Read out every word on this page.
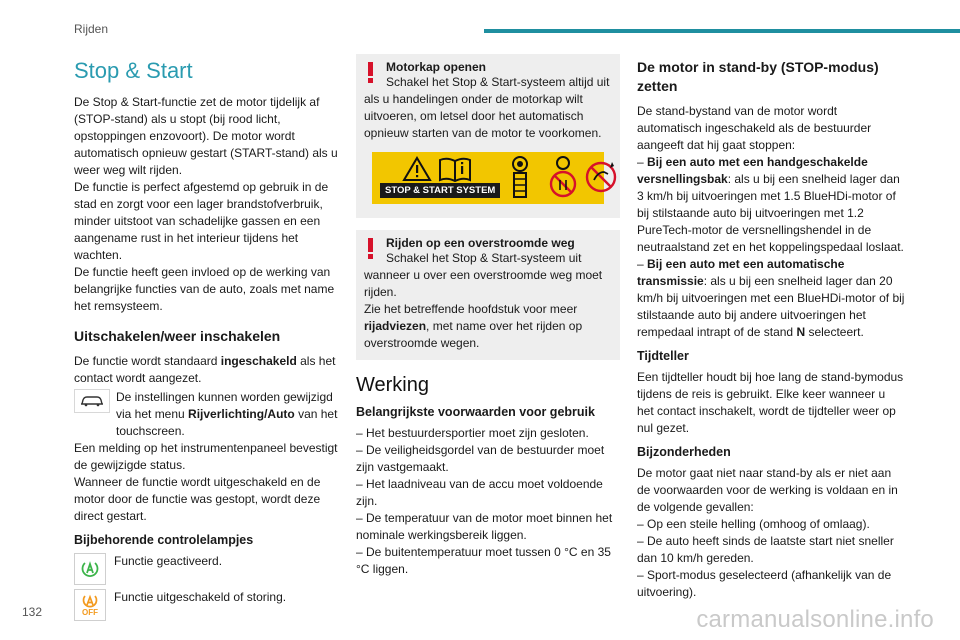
Rijden
Stop & Start

De Stop & Start-functie zet de motor tijdelijk af (STOP-stand) als u stopt (bij rood licht, opstoppingen enzovoort). De motor wordt automatisch opnieuw gestart (START-stand) als u weer weg wilt rijden.

De functie is perfect afgestemd op gebruik in de stad en zorgt voor een lager brandstofverbruik, minder uitstoot van schadelijke gassen en een aangename rust in het interieur tijdens het wachten.

De functie heeft geen invloed op de werking van belangrijke functies van de auto, zoals met name het remsysteem.

Uitschakelen/weer inschakelen

De functie wordt standaard ingeschakeld als het contact wordt aangezet.

De instellingen kunnen worden gewijzigd via het menu Rijverlichting/Auto van het touchscreen.

Een melding op het instrumentenpaneel bevestigt de gewijzigde status.

Wanneer de functie wordt uitgeschakeld en de motor door de functie was gestopt, wordt deze direct gestart.

Bijbehorende controlelampjes

Functie geactiveerd.

OFF

Functie uitgeschakeld of storing.

Motorkap openen

Schakel het Stop & Start-systeem altijd uit als u handelingen onder de motorkap wilt uitvoeren, om letsel door het automatisch opnieuw starten van de motor te voorkomen.

STOP & START SYSTEM
Rijden op een overstroomde weg

Schakel het Stop & Start-systeem uit wanneer u over een overstroomde weg moet rijden.

Zie het betreffende hoofdstuk voor meer rijadviezen, met name over het rijden op overstroomde wegen.

Werking
Belangrijkste voorwaarden voor gebruik

– Het bestuurdersportier moet zijn gesloten.

– De veiligheidsgordel van de bestuurder moet zijn vastgemaakt.

– Het laadniveau van de accu moet voldoende zijn.

– De temperatuur van de motor moet binnen het nominale werkingsbereik liggen.

– De buitentemperatuur moet tussen 0 °C en 35 °C liggen.

De motor in stand-by (STOP-modus) zetten

De stand-bystand van de motor wordt automatisch ingeschakeld als de bestuurder aangeeft dat hij gaat stoppen:

– Bij een auto met een handgeschakelde versnellingsbak: als u bij een snelheid lager dan 3 km/h bij uitvoeringen met 1.5 BlueHDi-motor of bij stilstaande auto bij uitvoeringen met 1.2 PureTech-motor de versnellingshendel in de neutraalstand zet en het koppelingspedaal loslaat.

– Bij een auto met een automatische transmissie: als u bij een snelheid lager dan 20 km/h bij uitvoeringen met een BlueHDi-motor of bij stilstaande auto bij andere uitvoeringen het rempedaal intrapt of de stand N selecteert.

Tijdteller

Een tijdteller houdt bij hoe lang de stand-bymodus tijdens de reis is gebruikt. Elke keer wanneer u het contact inschakelt, wordt de tijdteller weer op nul gezet.

Bijzonderheden

De motor gaat niet naar stand-by als er niet aan de voorwaarden voor de werking is voldaan en in de volgende gevallen:

– Op een steile helling (omhoog of omlaag).

– De auto heeft sinds de laatste start niet sneller dan 10 km/h gereden.

– Sport-modus geselecteerd (afhankelijk van de uitvoering).

132	carmanualsonline.info
